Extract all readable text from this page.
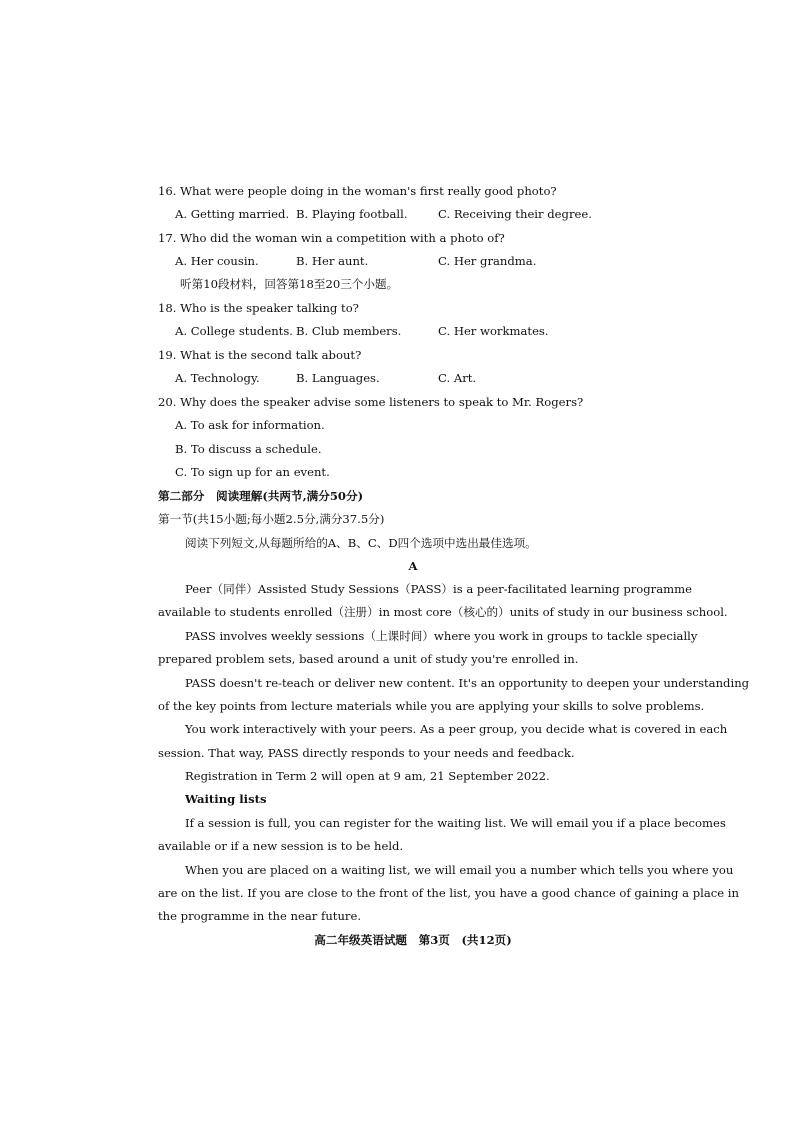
16. What were people doing in the woman's first really good photo?
A. Getting married. B. Playing football.	C. Receiving their degree.
17. Who did the woman win a competition with a photo of?
A. Her cousin.	B. Her aunt.	C. Her grandma.
听第10段材料，回答第18至20三个小题。
18. Who is the speaker talking to?
A. College students. B. Club members.	C. Her workmates.
19. What is the second talk about?
A. Technology.	B. Languages.	C. Art.
20. Why does the speaker advise some listeners to speak to Mr. Rogers?
A. To ask for information.
B. To discuss a schedule.
C. To sign up for an event.
第二部分　阅读理解(共两节,满分50分)
第一节(共15小题;每小题2.5分,满分37.5分)
阅读下列短文,从每题所给的A、B、C、D四个选项中选出最佳选项。
A
Peer（同伴）Assisted Study Sessions（PASS）is a peer-facilitated learning programme
available to students enrolled（注册）in most core（核心的）units of study in our business school.
PASS involves weekly sessions（上课时间）where you work in groups to tackle specially
prepared problem sets, based around a unit of study you're enrolled in.
PASS doesn't re-teach or deliver new content. It's an opportunity to deepen your understanding
of the key points from lecture materials while you are applying your skills to solve problems.
You work interactively with your peers. As a peer group, you decide what is covered in each
session. That way, PASS directly responds to your needs and feedback.
Registration in Term 2 will open at 9 am, 21 September 2022.
Waiting lists
If a session is full, you can register for the waiting list. We will email you if a place becomes
available or if a new session is to be held.
When you are placed on a waiting list, we will email you a number which tells you where you
are on the list. If you are close to the front of the list, you have a good chance of gaining a place in
the programme in the near future.
高二年级英语试题　第3页　(共12页)
